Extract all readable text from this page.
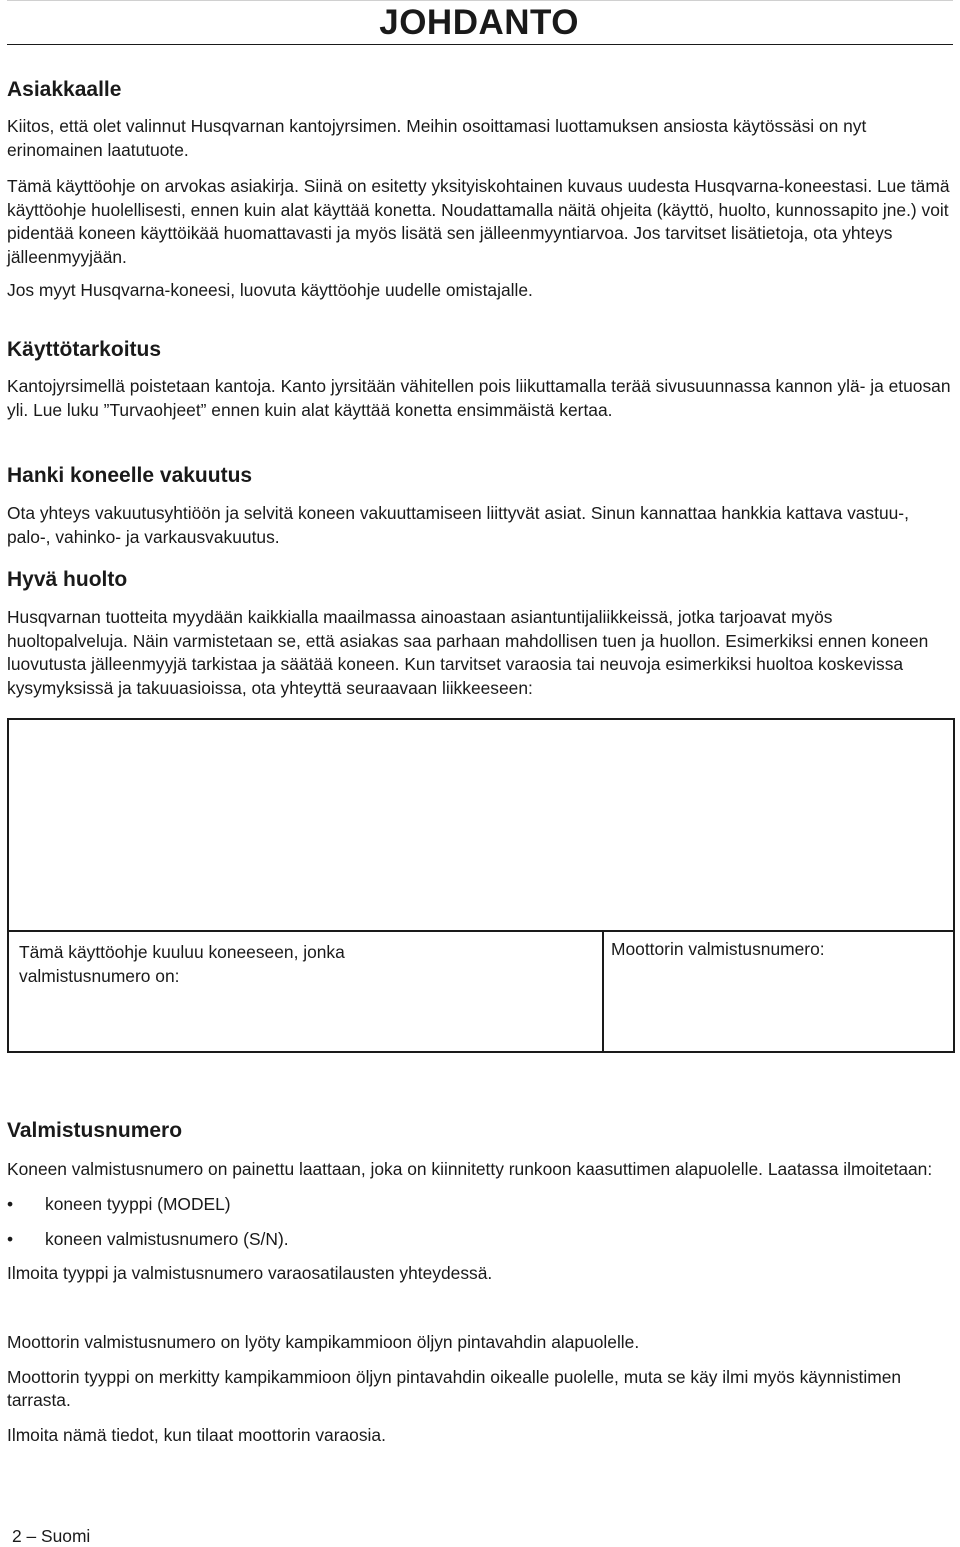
JOHDANTO
Asiakkaalle

Kiitos, että olet valinnut Husqvarnan kantojyrsimen. Meihin osoittamasi luottamuksen ansiosta käytössäsi on nyt erinomainen laatutuote.

Tämä käyttöohje on arvokas asiakirja. Siinä on esitetty yksityiskohtainen kuvaus uudesta Husqvarna-koneestasi. Lue tämä käyttöohje huolellisesti, ennen kuin alat käyttää konetta. Noudattamalla näitä ohjeita (käyttö, huolto, kunnossapito jne.) voit pidentää koneen käyttöikää huomattavasti ja myös lisätä sen jälleenmyyntiarvoa. Jos tarvitset lisätietoja, ota yhteys jälleenmyyjään.

Jos myyt Husqvarna-koneesi, luovuta käyttöohje uudelle omistajalle.

Käyttötarkoitus

Kantojyrsimellä poistetaan kantoja. Kanto jyrsitään vähitellen pois liikuttamalla terää sivusuunnassa kannon ylä- ja etuosan yli. Lue luku ”Turvaohjeet” ennen kuin alat käyttää konetta ensimmäistä kertaa.

Hanki koneelle vakuutus

Ota yhteys vakuutusyhtiöön ja selvitä koneen vakuuttamiseen liittyvät asiat. Sinun kannattaa hankkia kattava vastuu-, palo-, vahinko- ja varkausvakuutus.

Hyvä huolto

Husqvarnan tuotteita myydään kaikkialla maailmassa ainoastaan asiantuntijaliikkeissä, jotka tarjoavat myös huoltopalveluja. Näin varmistetaan se, että asiakas saa parhaan mahdollisen tuen ja huollon. Esimerkiksi ennen koneen luovutusta jälleenmyyjä tarkistaa ja säätää koneen. Kun tarvitset varaosia tai neuvoja esimerkiksi huoltoa koskevissa kysymyksissä ja takuuasioissa, ota yhteyttä seuraavaan liikkeeseen:

Tämä käyttöohje kuuluu koneeseen, jonka valmistusnumero on:
Moottorin valmistusnumero:
Valmistusnumero

Koneen valmistusnumero on painettu laattaan, joka on kiinnitetty runkoon kaasuttimen alapuolelle. Laatassa ilmoitetaan:

• koneen tyyppi (MODEL)
• koneen valmistusnumero (S/N).

Ilmoita tyyppi ja valmistusnumero varaosatilausten yhteydessä.

Moottorin valmistusnumero on lyöty kampikammioon öljyn pintavahdin alapuolelle.

Moottorin tyyppi on merkitty kampikammioon öljyn pintavahdin oikealle puolelle, muta se käy ilmi myös käynnistimen tarrasta.

Ilmoita nämä tiedot, kun tilaat moottorin varaosia.

2 – Suomi
